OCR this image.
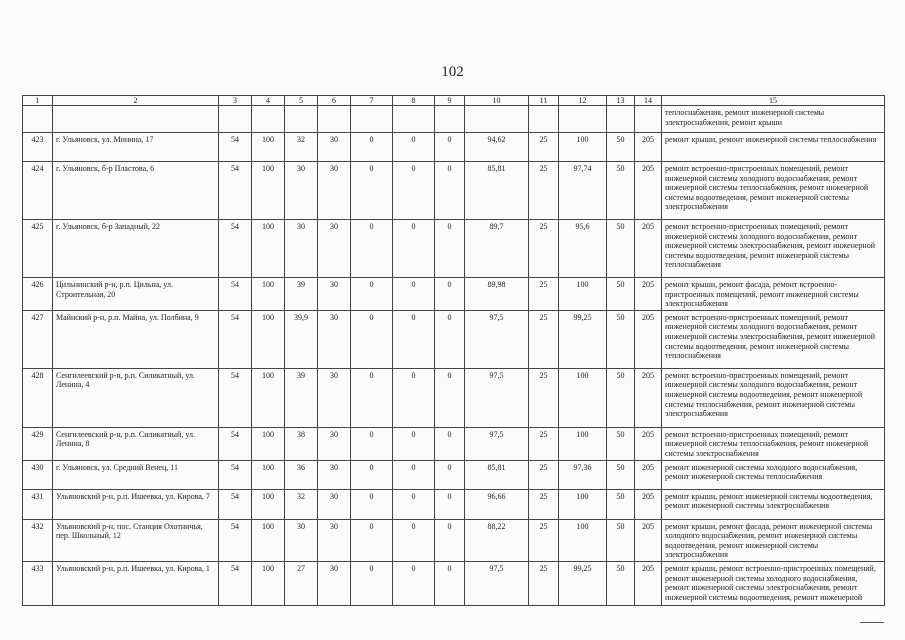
102
1	2	3	4	5	6	7	8	9	10	11	12	13	14	15
														теплоснабжения, ремонт инженерной системы электроснабжения, ремонт крыши
423	г. Ульяновск, ул. Минина, 17	54	100	32	30	0	0	0	94,62	25	100	50	205	ремонт крыши, ремонт инженерной системы теплоснабжения
424	г. Ульяновск, б-р Пластова, 6	54	100	30	30	0	0	0	85,81	25	97,74	50	205	ремонт встроенно-пристроенных помещений, ремонт инженерной системы холодного водоснабжения, ремонт инженерной системы теплоснабжения, ремонт инженерной системы водоотведения, ремонт инженерной системы электроснабжения
425	г. Ульяновск, б-р Западный, 22	54	100	30	30	0	0	0	89,7	25	95,6	50	205	ремонт встроенно-пристроенных помещений, ремонт инженерной системы холодного водоснабжения, ремонт инженерной системы электроснабжения, ремонт инженерной системы водоотведения, ремонт инженерной системы теплоснабжения
426	Цильнинский р-н, р.п. Цильна, ул. Строительная, 20	54	100	39	30	0	0	0	89,98	25	100	50	205	ремонт крыши, ремонт фасада, ремонт встроенно-пристроенных помещений, ремонт инженерной системы электроснабжения
427	Майнский р-н, р.п. Майна, ул. Полбина, 9	54	100	39,9	30	0	0	0	97,5	25	99,25	50	205	ремонт встроенно-пристроенных помещений, ремонт инженерной системы холодного водоснабжения, ремонт инженерной системы электроснабжения, ремонт инженерной системы водоотведения, ремонт инженерной системы теплоснабжения
428	Сенгилеевский р-н, р.п. Силикатный, ул. Ленина, 4	54	100	39	30	0	0	0	97,5	25	100	50	205	ремонт встроенно-пристроенных помещений, ремонт инженерной системы холодного водоснабжения, ремонт инженерной системы водоотведения, ремонт инженерной системы теплоснабжения, ремонт инженерной системы электроснабжения
429	Сенгилеевский р-н, р.п. Силикатный, ул. Ленина, 8	54	100	38	30	0	0	0	97,5	25	100	50	205	ремонт встроенно-пристроенных помещений, ремонт инженерной системы теплоснабжения, ремонт инженерной системы электроснабжения
430	г. Ульяновск, ул. Средний Венец, 11	54	100	36	30	0	0	0	85,81	25	97,36	50	205	ремонт инженерной системы холодного водоснабжения, ремонт инженерной системы теплоснабжения
431	Ульяновский р-н, р.п. Ишеевка, ул. Кирова, 7	54	100	32	30	0	0	0	96,66	25	100	50	205	ремонт крыши, ремонт инженерной системы водоотведения, ремонт инженерной системы электроснабжения
432	Ульяновский р-н, пос. Станция Охотничья, пер. Школьный, 12	54	100	30	30	0	0	0	88,22	25	100	50	205	ремонт крыши, ремонт фасада, ремонт инженерной системы холодного водоснабжения, ремонт инженерной системы водоотведения, ремонт инженерной системы электроснабжения
433	Ульяновский р-н, р.п. Ишеевка, ул. Кирова, 1	54	100	27	30	0	0	0	97,5	25	99,25	50	205	ремонт крыши, ремонт встроенно-пристроенных помещений, ремонт инженерной системы холодного водоснабжения, ремонт инженерной системы электроснабжения, ремонт инженерной системы водоотведения, ремонт инженерной
